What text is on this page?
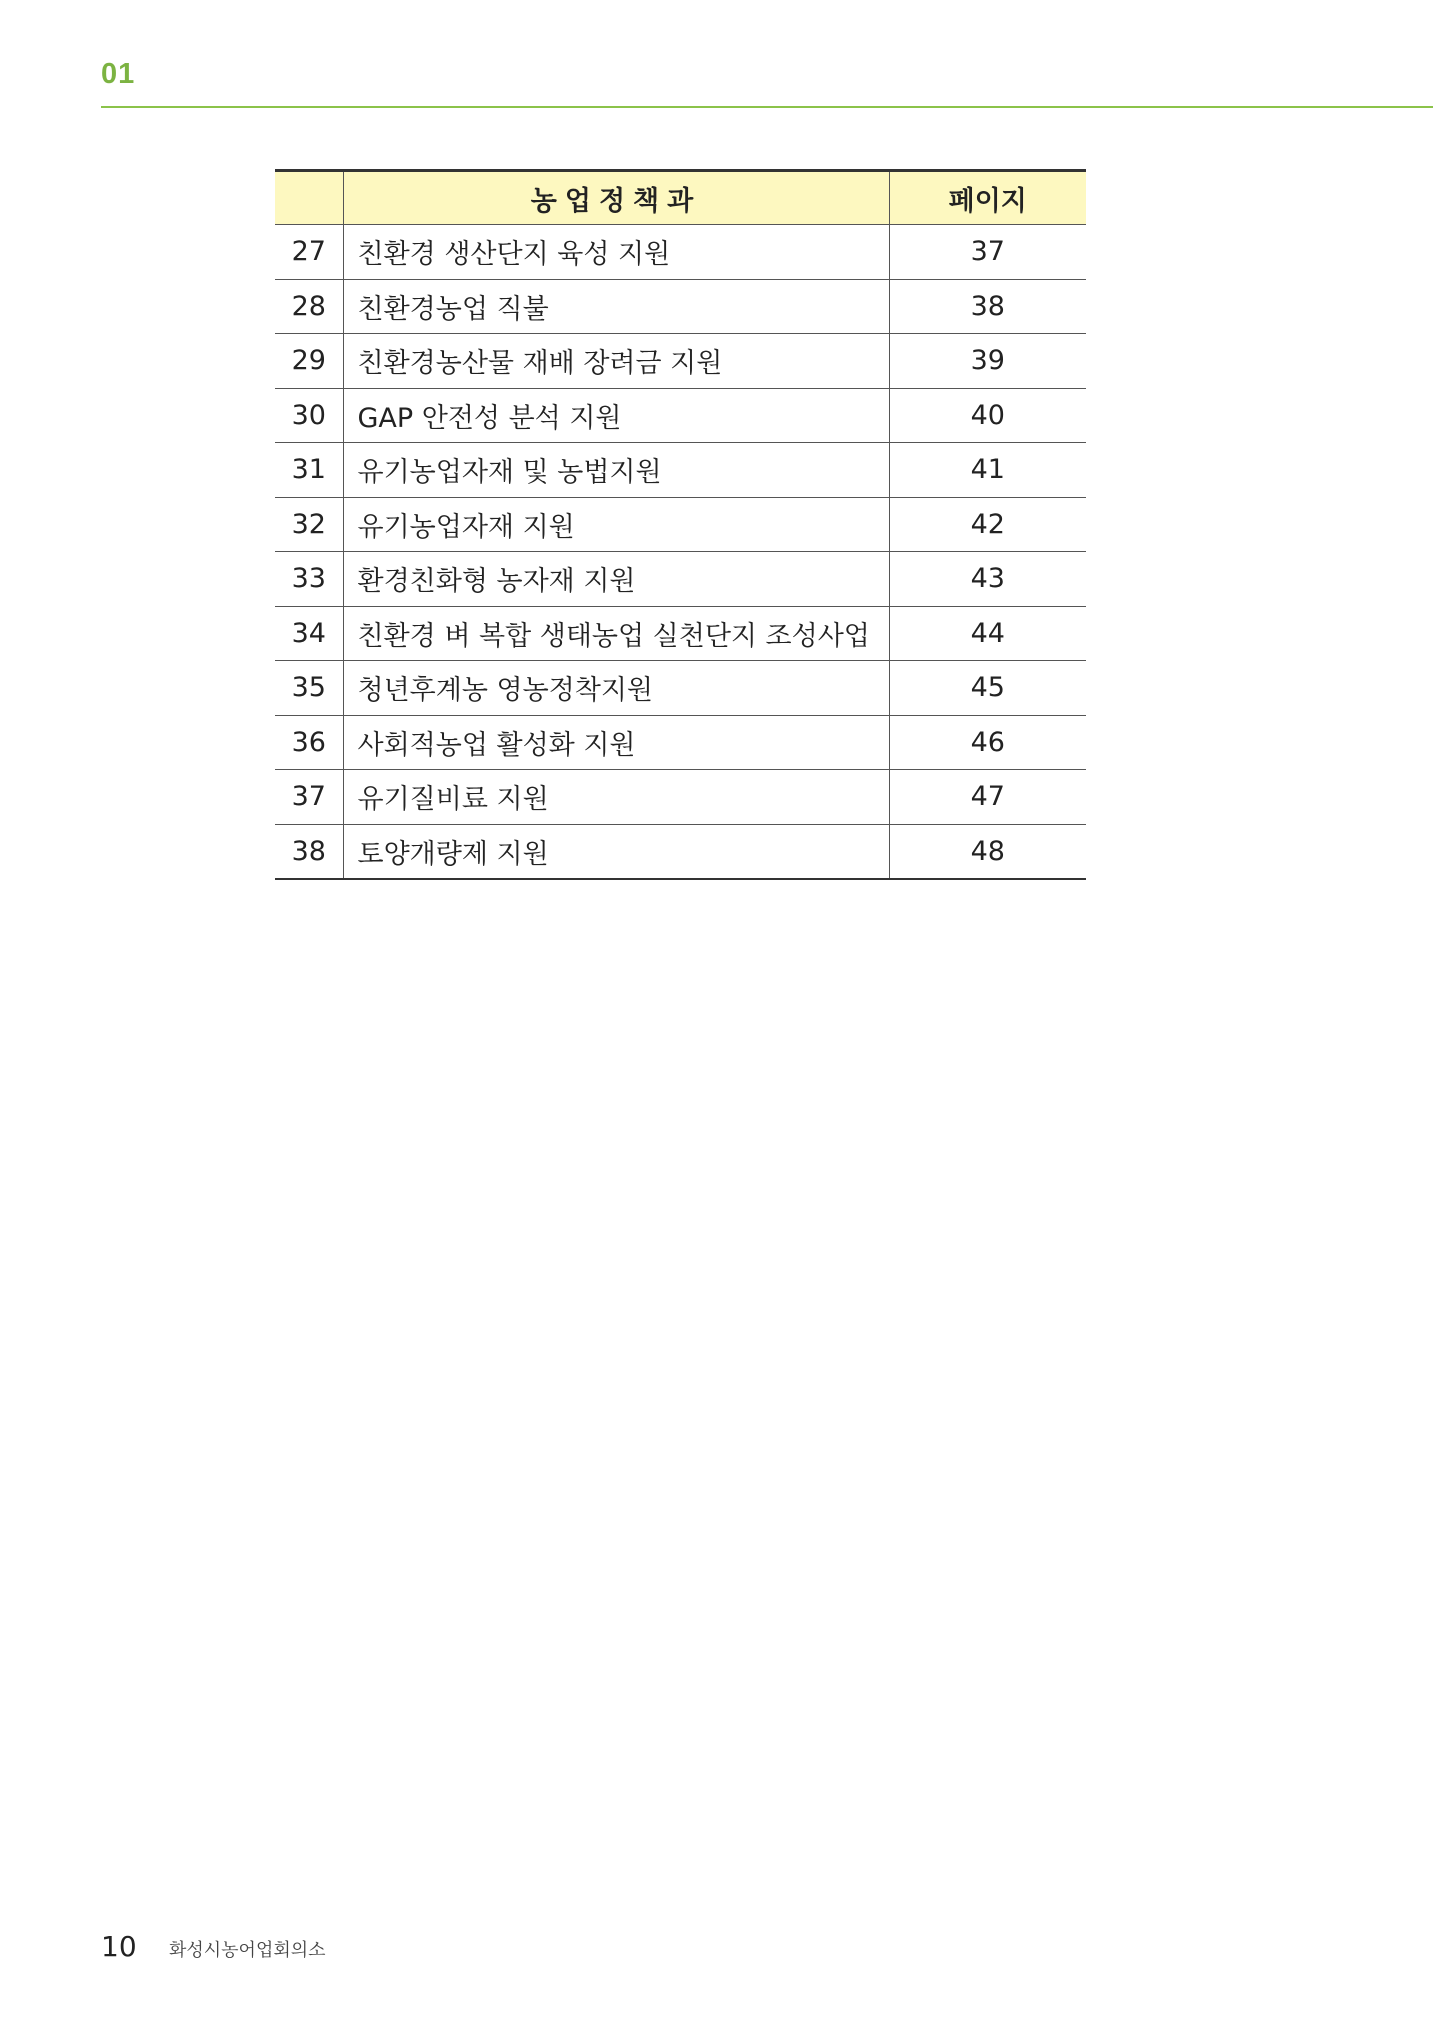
01
	농업정책과	페이지
27	친환경 생산단지 육성 지원	37
28	친환경농업 직불	38
29	친환경농산물 재배 장려금 지원	39
30	GAP 안전성 분석 지원	40
31	유기농업자재 및 농법지원	41
32	유기농업자재 지원	42
33	환경친화형 농자재 지원	43
34	친환경 벼 복합 생태농업 실천단지 조성사업	44
35	청년후계농 영농정착지원	45
36	사회적농업 활성화 지원	46
37	유기질비료 지원	47
38	토양개량제 지원	48
10 화성시농어업회의소
